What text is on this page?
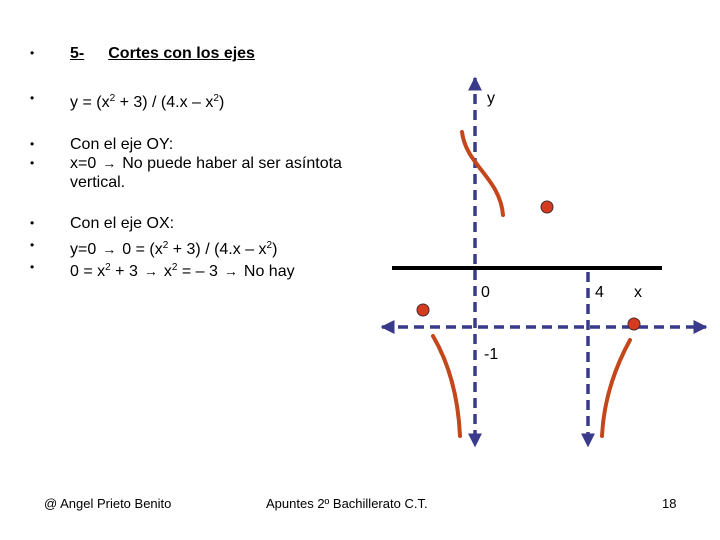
• 5- Cortes con los ejes
• $y = (x^2 + 3) / (4.x - x^2)$
• Con el eje OY:
• x=0 → No puede haber al ser asíntota
vertical.
• Con el eje OX:
• $y=0 \to 0 = (x^2 + 3) / (4.x - x^2)$
• $0 = x^2 + 3 \to x^2$ = – 3 → No hay
y
0	4 x
-1
@ Angel Prieto Benito	Apuntes 2º Bachillerato C.T.	18
